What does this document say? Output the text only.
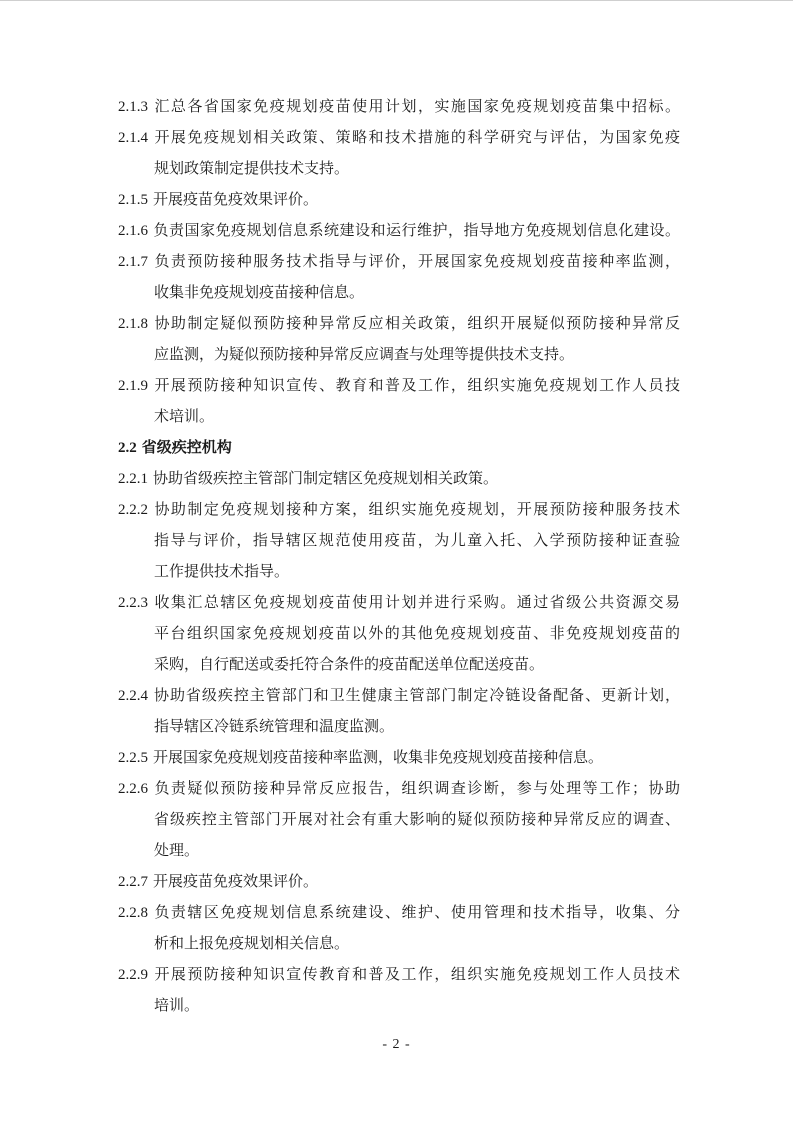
2.1.3 汇总各省国家免疫规划疫苗使用计划，实施国家免疫规划疫苗集中招标。
2.1.4 开展免疫规划相关政策、策略和技术措施的科学研究与评估，为国家免疫
规划政策制定提供技术支持。
2.1.5 开展疫苗免疫效果评价。
2.1.6 负责国家免疫规划信息系统建设和运行维护，指导地方免疫规划信息化建设。
2.1.7 负责预防接种服务技术指导与评价，开展国家免疫规划疫苗接种率监测，
收集非免疫规划疫苗接种信息。
2.1.8 协助制定疑似预防接种异常反应相关政策，组织开展疑似预防接种异常反
应监测，为疑似预防接种异常反应调查与处理等提供技术支持。
2.1.9 开展预防接种知识宣传、教育和普及工作，组织实施免疫规划工作人员技
术培训。
2.2 省级疾控机构
2.2.1 协助省级疾控主管部门制定辖区免疫规划相关政策。
2.2.2 协助制定免疫规划接种方案，组织实施免疫规划，开展预防接种服务技术
指导与评价，指导辖区规范使用疫苗，为儿童入托、入学预防接种证查验
工作提供技术指导。
2.2.3 收集汇总辖区免疫规划疫苗使用计划并进行采购。通过省级公共资源交易
平台组织国家免疫规划疫苗以外的其他免疫规划疫苗、非免疫规划疫苗的
采购，自行配送或委托符合条件的疫苗配送单位配送疫苗。
2.2.4 协助省级疾控主管部门和卫生健康主管部门制定冷链设备配备、更新计划，
指导辖区冷链系统管理和温度监测。
2.2.5 开展国家免疫规划疫苗接种率监测，收集非免疫规划疫苗接种信息。
2.2.6 负责疑似预防接种异常反应报告，组织调查诊断，参与处理等工作；协助
省级疾控主管部门开展对社会有重大影响的疑似预防接种异常反应的调查、
处理。
2.2.7 开展疫苗免疫效果评价。
2.2.8 负责辖区免疫规划信息系统建设、维护、使用管理和技术指导，收集、分
析和上报免疫规划相关信息。
2.2.9 开展预防接种知识宣传教育和普及工作，组织实施免疫规划工作人员技术
培训。
- 2 -
